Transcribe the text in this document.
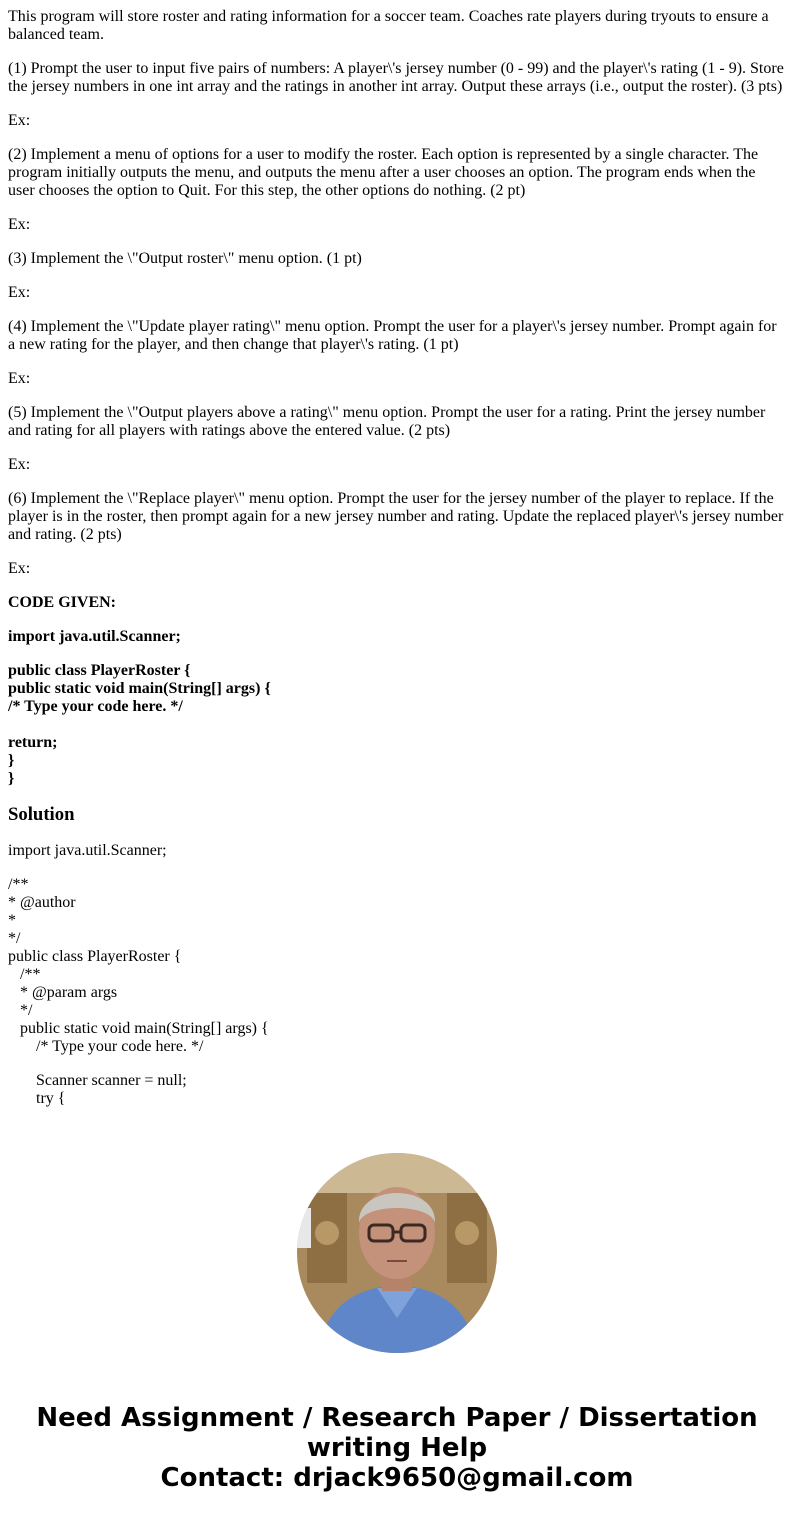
This program will store roster and rating information for a soccer team. Coaches rate players during tryouts to ensure a balanced team.

(1) Prompt the user to input five pairs of numbers: A player\'s jersey number (0 - 99) and the player\'s rating (1 - 9). Store the jersey numbers in one int array and the ratings in another int array. Output these arrays (i.e., output the roster). (3 pts)

Ex:

(2) Implement a menu of options for a user to modify the roster. Each option is represented by a single character. The program initially outputs the menu, and outputs the menu after a user chooses an option. The program ends when the user chooses the option to Quit. For this step, the other options do nothing. (2 pt)

Ex:

(3) Implement the \"Output roster\" menu option. (1 pt)

Ex:

(4) Implement the \"Update player rating\" menu option. Prompt the user for a player\'s jersey number. Prompt again for a new rating for the player, and then change that player\'s rating. (1 pt)

Ex:

(5) Implement the \"Output players above a rating\" menu option. Prompt the user for a rating. Print the jersey number and rating for all players with ratings above the entered value. (2 pts)

Ex:

(6) Implement the \"Replace player\" menu option. Prompt the user for the jersey number of the player to replace. If the player is in the roster, then prompt again for a new jersey number and rating. Update the replaced player\'s jersey number and rating. (2 pts)

Ex:

CODE GIVEN:

import java.util.Scanner;

public class PlayerRoster {
public static void main(String[] args) {
/* Type your code here. */
return;
}
}
Solution

import java.util.Scanner;

/**
* @author
*
*/
public class PlayerRoster {
/**
* @param args
*/
public static void main(String[] args) {
/* Type your code here. */
Scanner scanner = null;
try {
Need Assignment / Research Paper / Dissertation
writing Help
Contact: drjack9650@gmail.com
